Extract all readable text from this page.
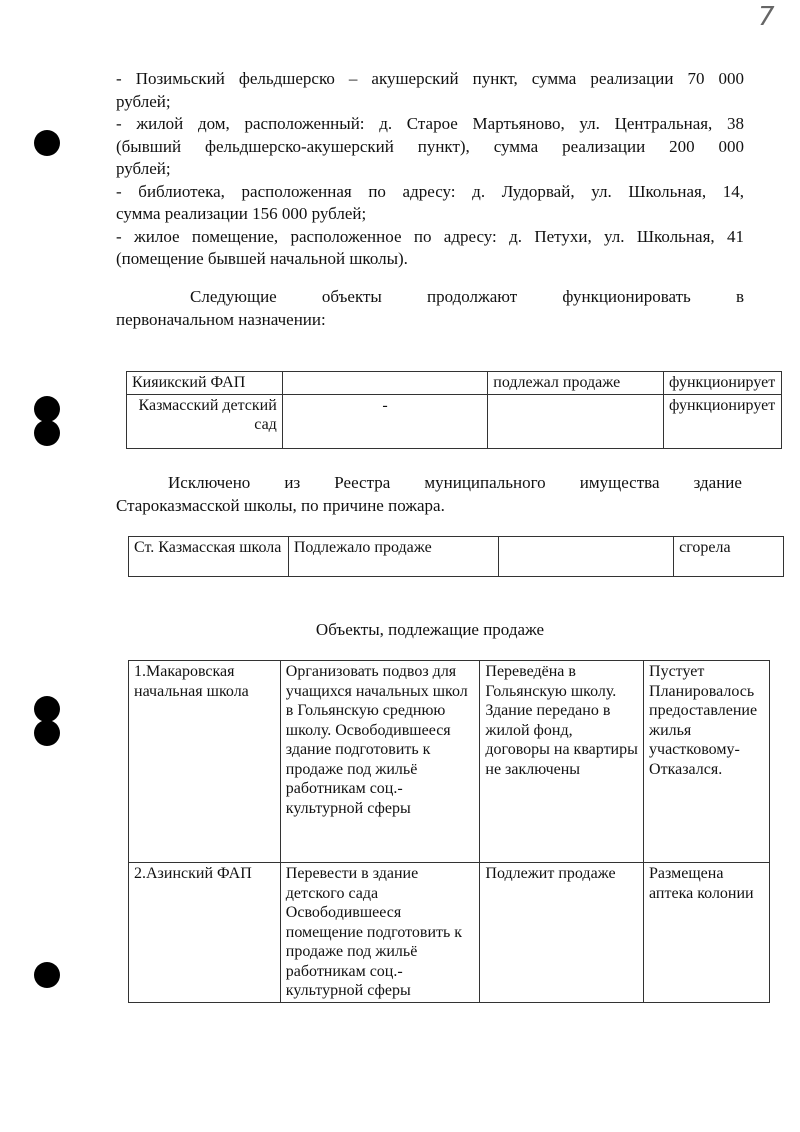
7
- Позимьский фельдшерско – акушерский пункт, сумма реализации 70 000
рублей;
- жилой дом, расположенный: д. Старое Мартьяново, ул. Центральная, 38
(бывший фельдшерско-акушерский пункт), сумма реализации 200 000
рублей;
- библиотека, расположенная по адресу: д. Лудорвай, ул. Школьная, 14,
сумма реализации 156 000 рублей;
- жилое помещение, расположенное по адресу: д. Петухи, ул. Школьная, 41
(помещение бывшей начальной школы).
Следующие	объекты	продолжают	функционировать	в
первоначальном назначении:
Кияикский ФАП		подлежал продаже	функционирует
Казмасский детский сад	-		функционирует
Исключено из Реестра муниципального имущества здание
Старoказмасской школы, по причине пожара.
Ст. Казмасская школа	Подлежало продаже		сгорела
Объекты, подлежащие продаже
1.Макаровская начальная школа	Организовать подвоз для учащихся начальных школ в Гольянскую среднюю школу. Освободившееся здание подготовить к продаже под жильё работникам соц.- культурной сферы	Переведёна в Гольянскую школу. Здание передано в жилой фонд, договоры на квартиры не заключены	Пустует Планировалось предоставление жилья участковому- Отказался.
2.Азинский ФАП	Перевести в здание детского сада Освободившееся помещение подготовить к продаже под жильё работникам соц.- культурной сферы	Подлежит продаже	Размещена аптека колонии
